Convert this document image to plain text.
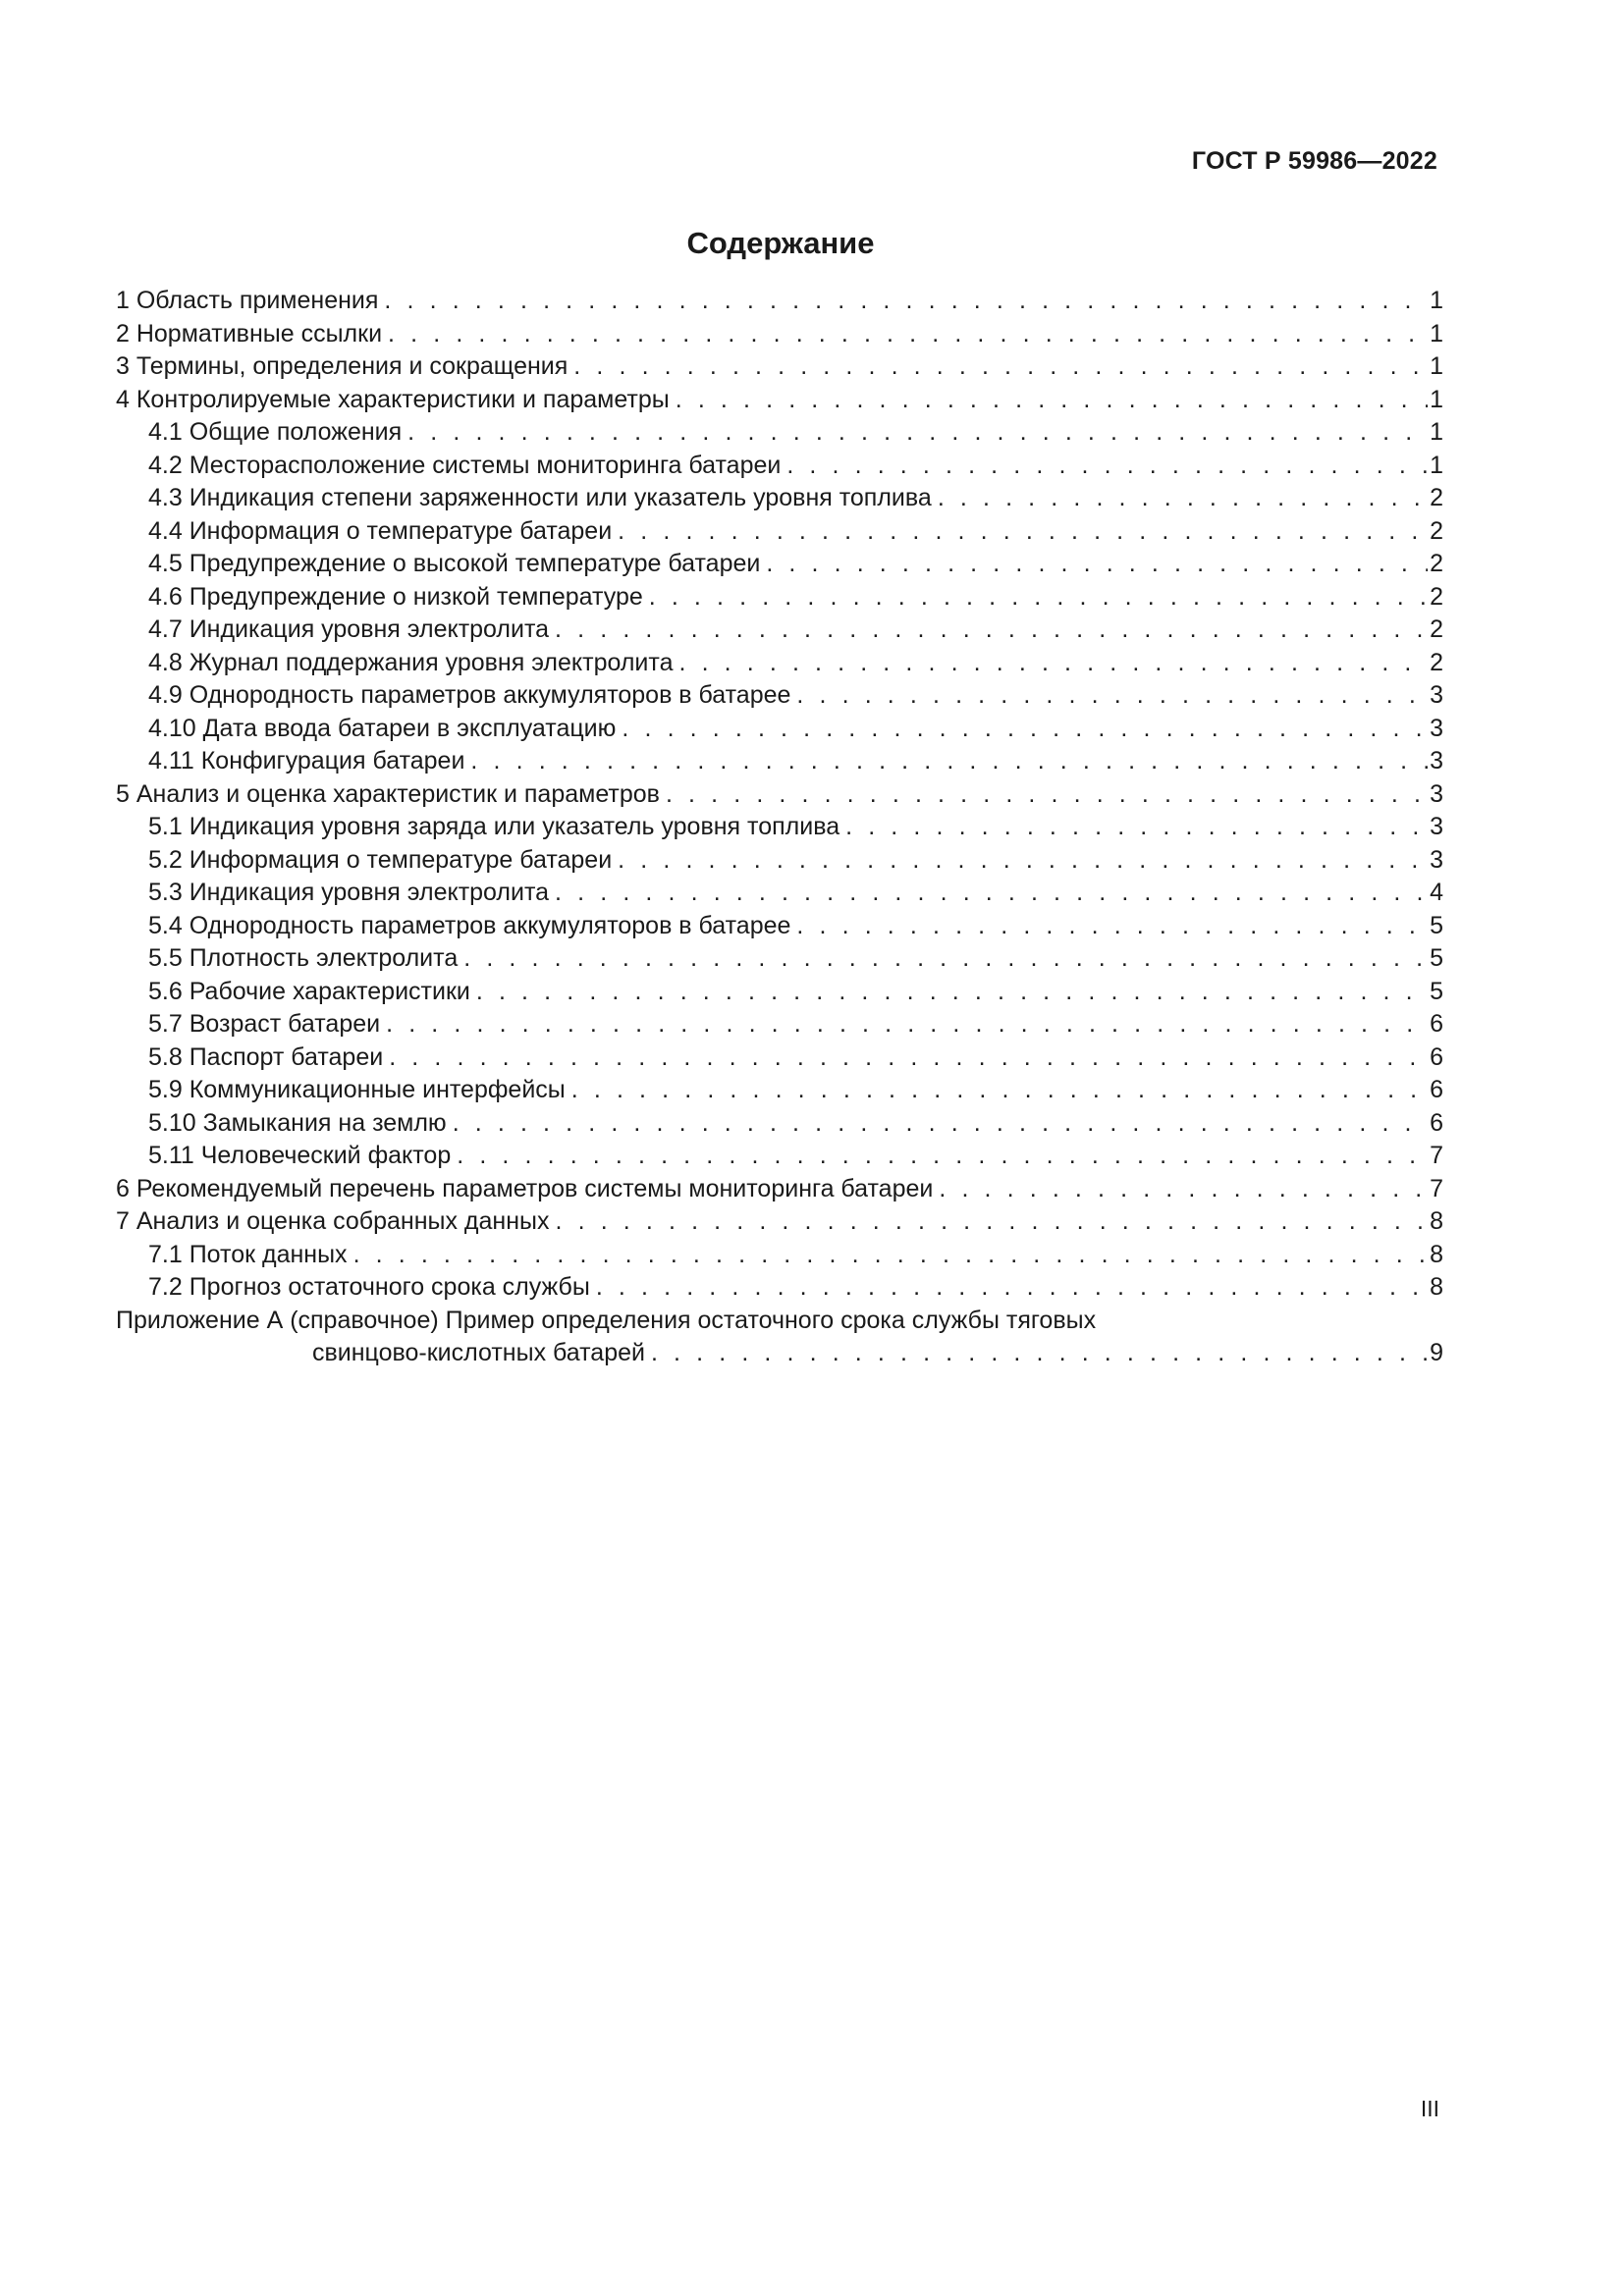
ГОСТ Р 59986—2022
Содержание
1 Область применения . . .	1
2 Нормативные ссылки . . .	1
3 Термины, определения и сокращения . . .	1
4 Контролируемые характеристики и параметры . . .	1
4.1 Общие положения . . .	1
4.2 Месторасположение системы мониторинга батареи . . .	1
4.3 Индикация степени заряженности или указатель уровня топлива . . .	2
4.4 Информация о температуре батареи . . .	2
4.5 Предупреждение о высокой температуре батареи . . .	2
4.6 Предупреждение о низкой температуре . . .	2
4.7 Индикация уровня электролита . . .	2
4.8 Журнал поддержания уровня электролита . . .	2
4.9 Однородность параметров аккумуляторов в батарее . . .	3
4.10 Дата ввода батареи в эксплуатацию . . .	3
4.11 Конфигурация батареи . . .	3
5 Анализ и оценка характеристик и параметров . . .	3
5.1 Индикация уровня заряда или указатель уровня топлива . . .	3
5.2 Информация о температуре батареи . . .	3
5.3 Индикация уровня электролита . . .	4
5.4 Однородность параметров аккумуляторов в батарее . . .	5
5.5 Плотность электролита . . .	5
5.6 Рабочие характеристики . . .	5
5.7 Возраст батареи . . .	6
5.8 Паспорт батареи . . .	6
5.9 Коммуникационные интерфейсы . . .	6
5.10 Замыкания на землю . . .	6
5.11 Человеческий фактор . . .	7
6 Рекомендуемый перечень параметров системы мониторинга батареи . . .	7
7 Анализ и оценка собранных данных . . .	8
7.1 Поток данных . . .	8
7.2 Прогноз остаточного срока службы . . .	8
Приложение А (справочное) Пример определения остаточного срока службы тяговых
свинцово-кислотных батарей . . .	9
III
